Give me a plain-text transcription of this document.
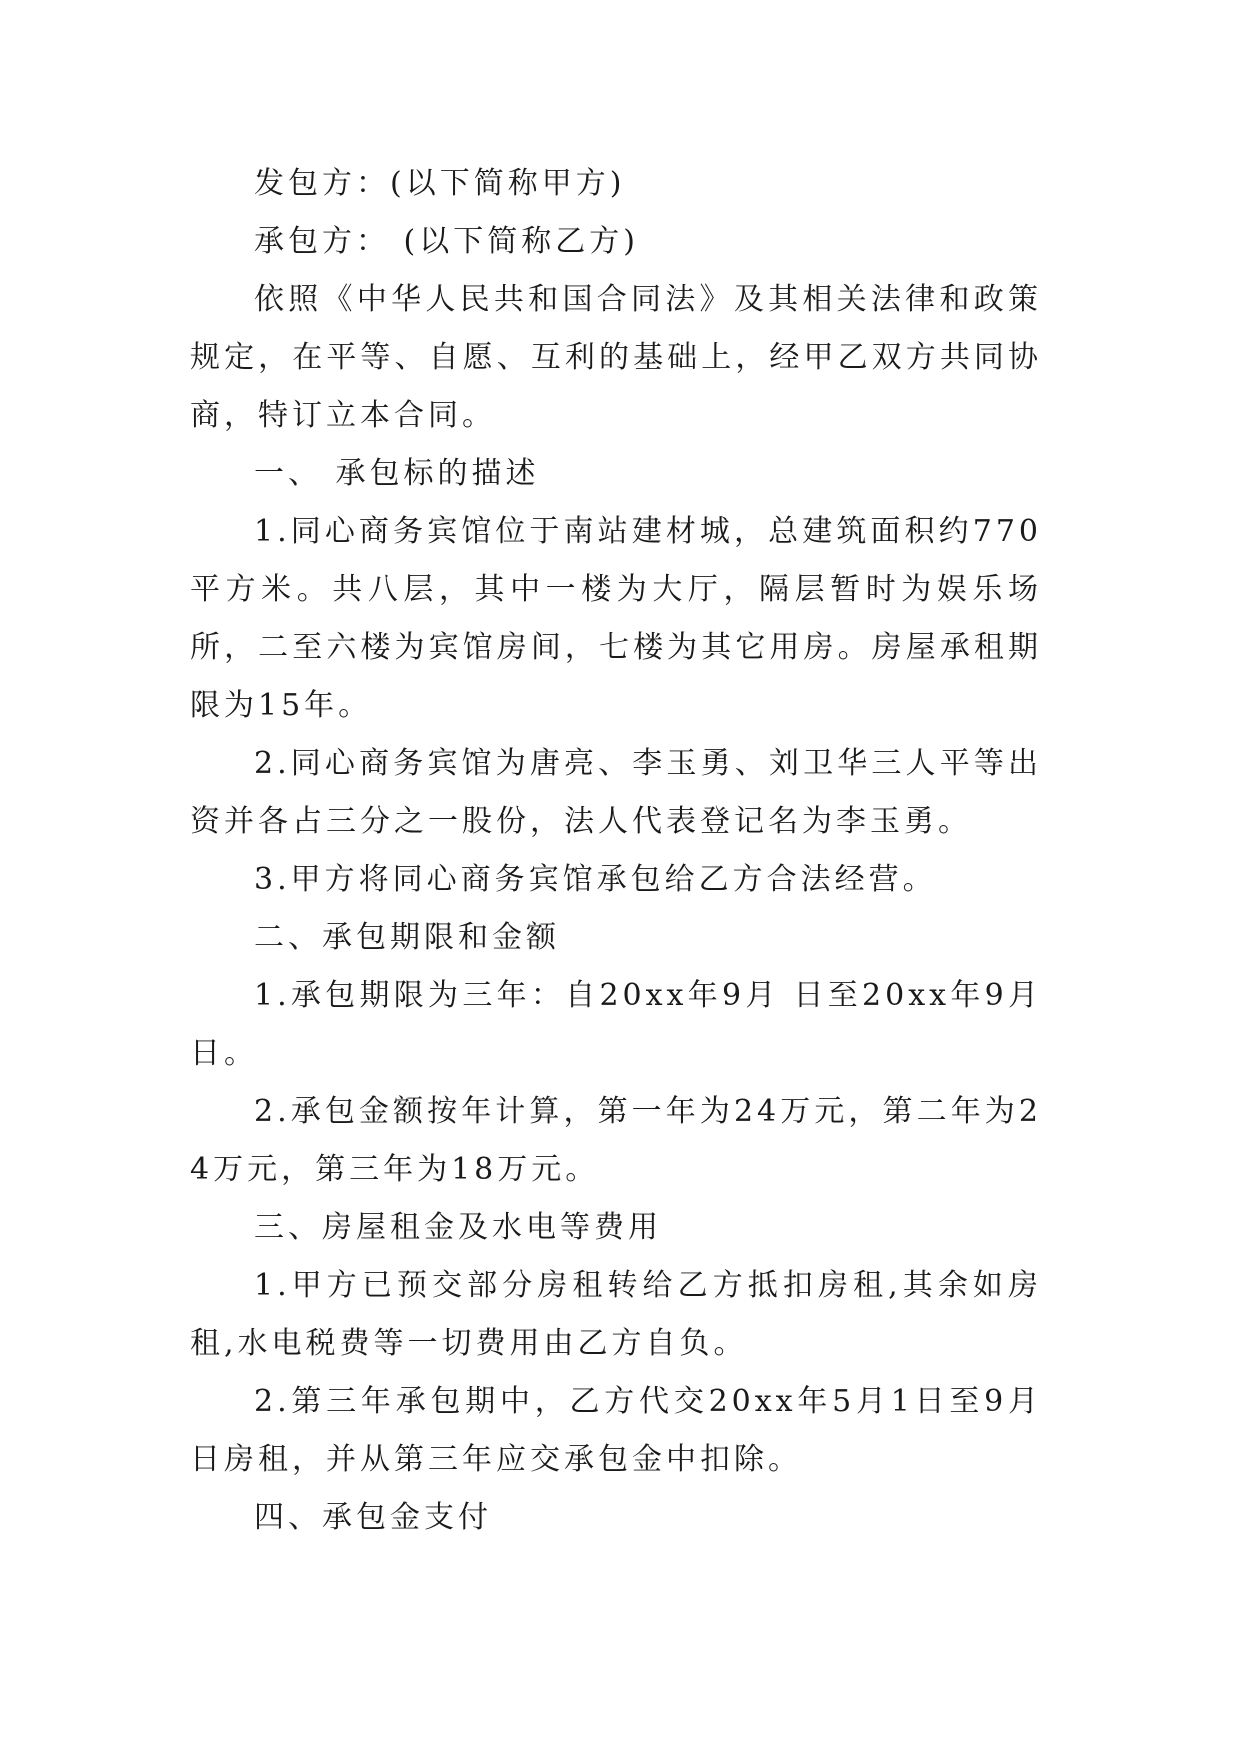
发包方：(以下简称甲方)

承包方： (以下简称乙方)

依照《中华人民共和国合同法》及其相关法律和政策规定，在平等、自愿、互利的基础上，经甲乙双方共同协商，特订立本合同。

一、 承包标的描述

1.同心商务宾馆位于南站建材城，总建筑面积约770平方米。共八层，其中一楼为大厅，隔层暂时为娱乐场所，二至六楼为宾馆房间，七楼为其它用房。房屋承租期限为15年。

2.同心商务宾馆为唐亮、李玉勇、刘卫华三人平等出资并各占三分之一股份，法人代表登记名为李玉勇。

3.甲方将同心商务宾馆承包给乙方合法经营。

二、承包期限和金额

1.承包期限为三年：自20xx年9月 日至20xx年9月日。

2.承包金额按年计算，第一年为24万元，第二年为24万元，第三年为18万元。

三、房屋租金及水电等费用

1.甲方已预交部分房租转给乙方抵扣房租,其余如房租,水电税费等一切费用由乙方自负。

2.第三年承包期中，乙方代交20xx年5月1日至9月日房租，并从第三年应交承包金中扣除。

四、承包金支付
